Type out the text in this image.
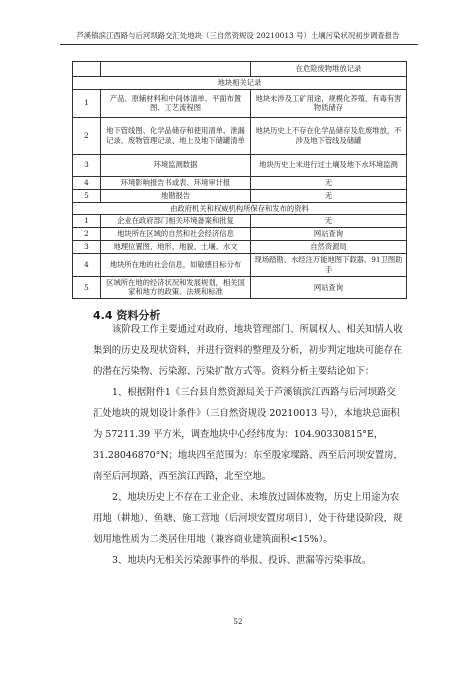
芦溪镇滨江西路与后河坝路交汇处地块（三自然资规设 20210013 号）土壤污染状况初步调查报告
		在危险废物堆放记录
地块相关记录		
1	产品、原辅材料和中间体清单、平面布置图、工艺流程图	地块未涉及工矿用途，规模化养殖、有毒有害物质储存
2	地下管线图、化学品储存和使用清单、泄漏记录、废物管理记录、地上及地下储罐清单	地块历史上不存在化学品储存及危废堆放，不涉及地下管线及储罐
3	环境监测数据	地块历史上未进行过土壤及地下水环境监测
4	环境影响报告书或表、环境审计报	无
5	地勘报告	无
由政府机关和权威机构所保存和发布的资料		
1	企业在政府部门相关环境备案和批复	无
2	地块所在区域的自然和社会经济信息	网站查询
3	地理位置图、地形、地貌、土壤、水文	自然资源局
4	地块所在地的社会信息，如敏感目标分布	现场踏勘、水经注万能地图下载器、91卫图助手
5	区域所在地的经济状况和发展规划，相关国家和地方的政策、法规和标准	网站查询
4.4 资料分析
该阶段工作主要通过对政府、地块管理部门、所属权人、相关知情人收集到的历史及现状资料，并进行资料的整理及分析，初步判定地块可能存在的潜在污染物、污染源、污染扩散方式等。资料分析主要结论如下：
1、根据附件1《三台县自然资源局关于芦溪镇滨江西路与后河坝路交汇处地块的规划设计条件》（三自然资规设 20210013 号），本地块总面积为 57211.39 平方米，调查地块中心经纬度为：104.90330815°E，31.28046870°N；地块四至范围为：东至殷家墚路、西至后河坝安置房，南至后河坝路，西至滨江西路，北至空地。
2、地块历史上不存在工业企业、未堆放过固体废物，历史上用途为农用地（耕地）、鱼塘、施工营地（后河坝安置房项目），处于待建设阶段，规划用地性质为二类居住用地（兼容商业建筑面积<15%）。
3、地块内无相关污染源事件的举报、投诉、泄漏等污染事故。
52
